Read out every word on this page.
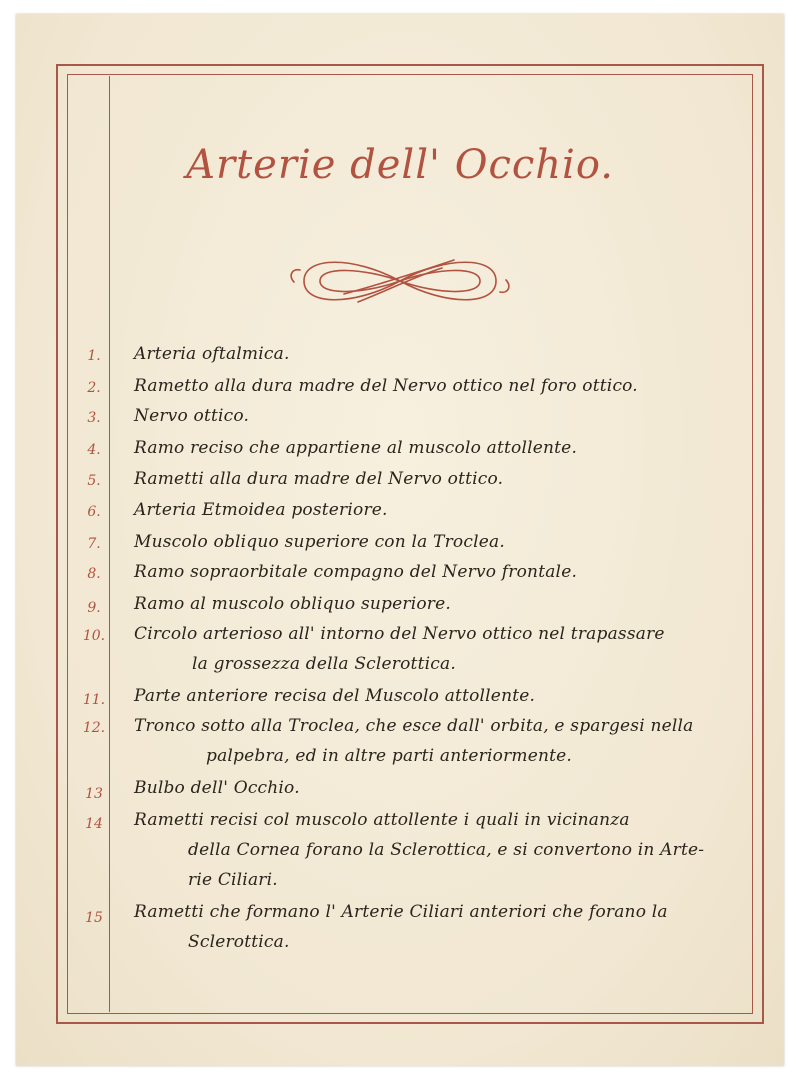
Arterie dell' Occhio.
1.	Arteria oftalmica.
2.	Rametto alla dura madre del Nervo ottico nel foro ottico.
3.	Nervo ottico.
4.	Ramo reciso che appartiene al muscolo attollente.
5.	Rametti alla dura madre del Nervo ottico.
6.	Arteria Etmoidea posteriore.
7.	Muscolo obliquo superiore con la Troclea.
8.	Ramo sopraorbitale compagno del Nervo frontale.
9.	Ramo al muscolo obliquo superiore.
10. Circolo arterioso all' intorno del Nervo ottico nel trapassare
la grossezza della Sclerottica.
11. Parte anteriore recisa del Muscolo attollente.
12. Tronco sotto alla Troclea, che esce dall' orbita, e spargesi nella
palpebra, ed in altre parti anteriormente.
13	Bulbo dell' Occhio.
14	Rametti recisi col muscolo attollente i quali in vicinanza
della Cornea forano la Sclerottica, e si convertono in Arte-
rie Ciliari.
15	Rametti che formano l' Arterie Ciliari anteriori che forano la
Sclerottica.
